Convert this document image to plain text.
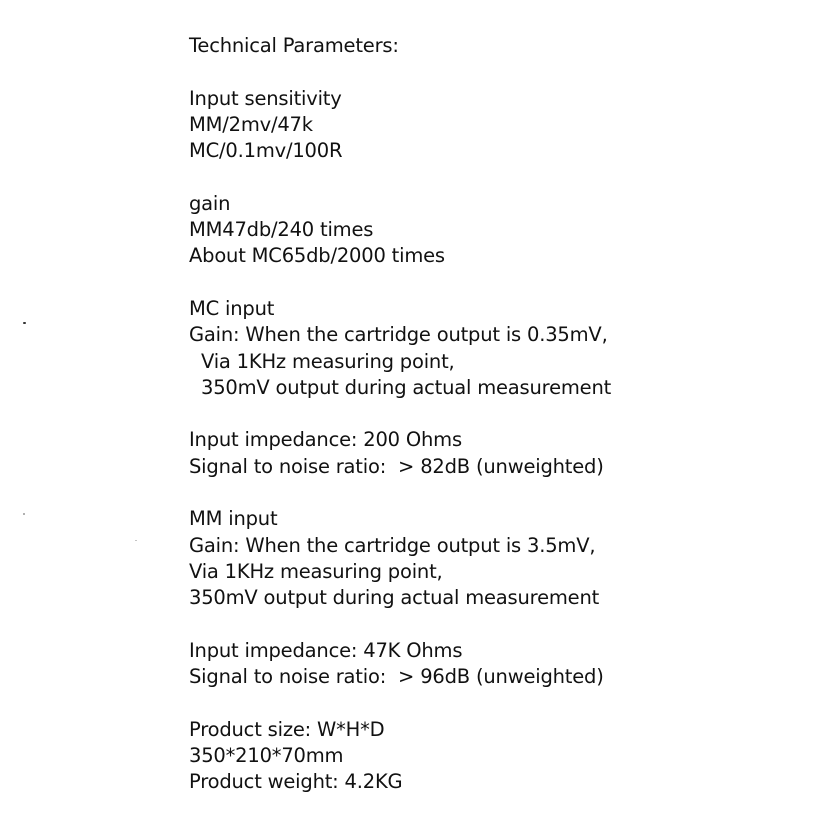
Technical Parameters:
Input sensitivity
MM/2mv/47k
MC/0.1mv/100R
gain
MM47db/240 times
About MC65db/2000 times
MC input
Gain: When the cartridge output is 0.35mV,
Via 1KHz measuring point,
350mV output during actual measurement
Input impedance: 200 Ohms
Signal to noise ratio:  > 82dB (unweighted)
MM input
Gain: When the cartridge output is 3.5mV,
Via 1KHz measuring point,
350mV output during actual measurement
Input impedance: 47K Ohms
Signal to noise ratio:  > 96dB (unweighted)
Product size: W*H*D
350*210*70mm
Product weight: 4.2KG
